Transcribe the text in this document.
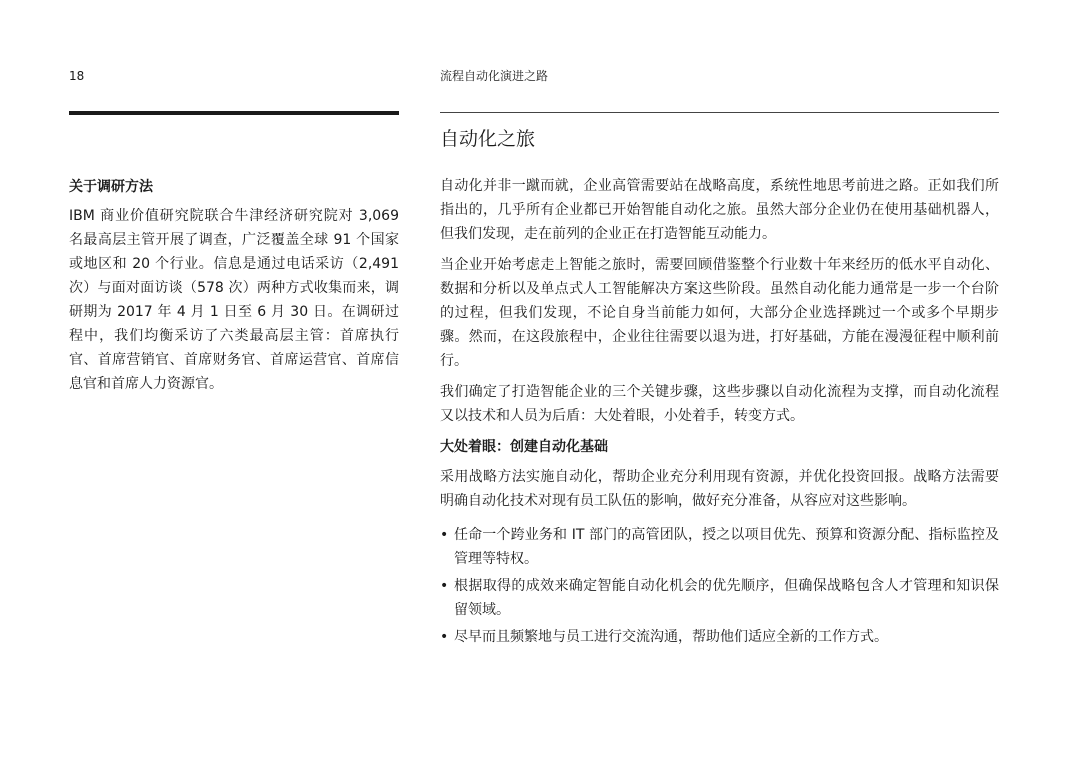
18	流程自动化演进之路
关于调研方法

IBM 商业价值研究院联合牛津经济研究院对 3,069 名最高层主管开展了调查，广泛覆盖全球 91 个国家或地区和 20 个行业。信息是通过电话采访（2,491 次）与面对面访谈（578 次）两种方式收集而来，调研期为 2017 年 4 月 1 日至 6 月 30 日。在调研过程中，我们均衡采访了六类最高层主管：首席执行官、首席营销官、首席财务官、首席运营官、首席信息官和首席人力资源官。

自动化之旅

自动化并非一蹴而就，企业高管需要站在战略高度，系统性地思考前进之路。正如我们所指出的，几乎所有企业都已开始智能自动化之旅。虽然大部分企业仍在使用基础机器人，但我们发现，走在前列的企业正在打造智能互动能力。

当企业开始考虑走上智能之旅时，需要回顾借鉴整个行业数十年来经历的低水平自动化、数据和分析以及单点式人工智能解决方案这些阶段。虽然自动化能力通常是一步一个台阶的过程，但我们发现，不论自身当前能力如何，大部分企业选择跳过一个或多个早期步骤。然而，在这段旅程中，企业往往需要以退为进，打好基础，方能在漫漫征程中顺利前行。

我们确定了打造智能企业的三个关键步骤，这些步骤以自动化流程为支撑，而自动化流程又以技术和人员为后盾：大处着眼，小处着手，转变方式。

大处着眼：创建自动化基础

采用战略方法实施自动化，帮助企业充分利用现有资源，并优化投资回报。战略方法需要明确自动化技术对现有员工队伍的影响，做好充分准备，从容应对这些影响。

• 任命一个跨业务和 IT 部门的高管团队，授之以项目优先、预算和资源分配、指标监控及管理等特权。
• 根据取得的成效来确定智能自动化机会的优先顺序，但确保战略包含人才管理和知识保留领域。
• 尽早而且频繁地与员工进行交流沟通，帮助他们适应全新的工作方式。
